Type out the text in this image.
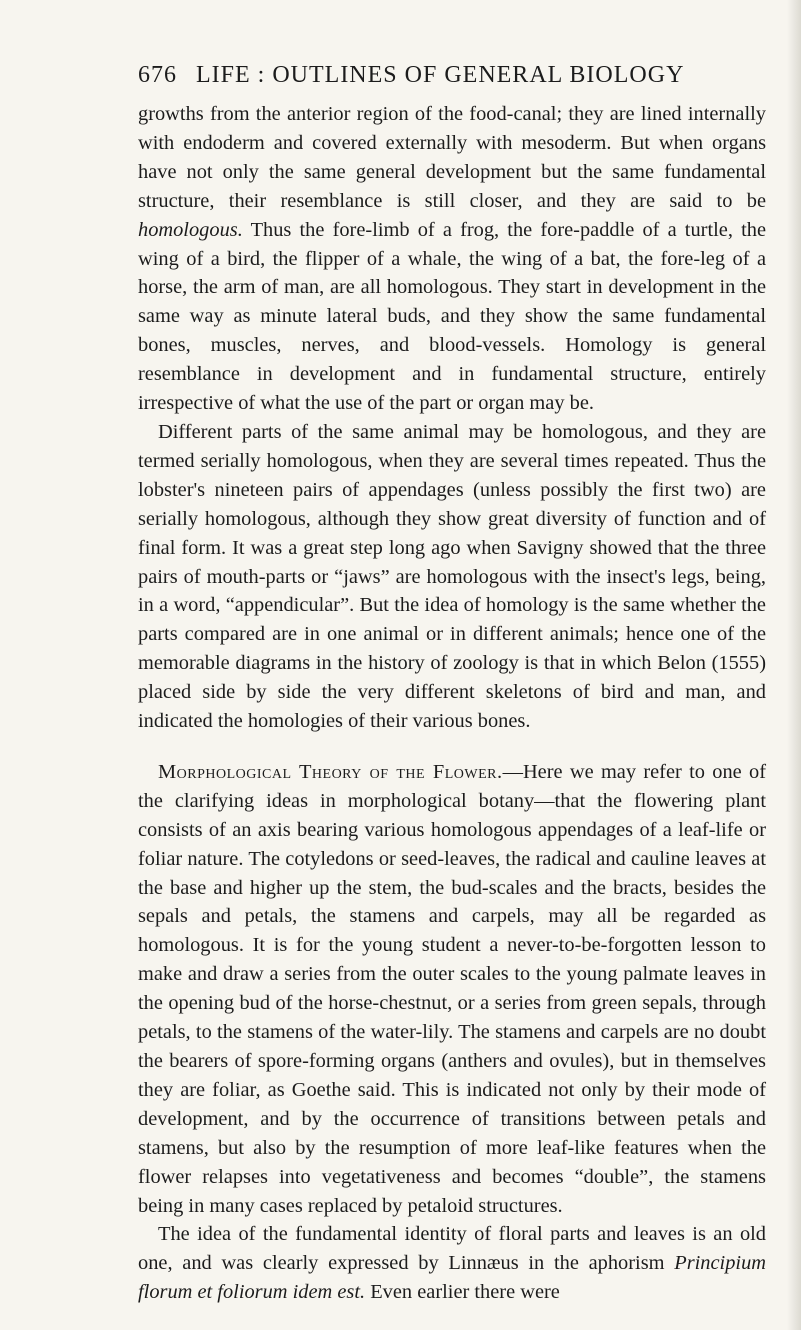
676 LIFE : OUTLINES OF GENERAL BIOLOGY

growths from the anterior region of the food-canal; they are lined internally with endoderm and covered externally with mesoderm. But when organs have not only the same general development but the same fundamental structure, their resemblance is still closer, and they are said to be homologous. Thus the fore-limb of a frog, the fore-paddle of a turtle, the wing of a bird, the flipper of a whale, the wing of a bat, the fore-leg of a horse, the arm of man, are all homologous. They start in development in the same way as minute lateral buds, and they show the same fundamental bones, muscles, nerves, and blood-vessels. Homology is general resemblance in development and in fundamental structure, entirely irrespective of what the use of the part or organ may be.

Different parts of the same animal may be homologous, and they are termed serially homologous, when they are several times repeated. Thus the lobster's nineteen pairs of appendages (unless possibly the first two) are serially homologous, although they show great diversity of function and of final form. It was a great step long ago when Savigny showed that the three pairs of mouth-parts or “jaws” are homologous with the insect's legs, being, in a word, “appendicular”. But the idea of homology is the same whether the parts compared are in one animal or in different animals; hence one of the memorable diagrams in the history of zoology is that in which Belon (1555) placed side by side the very different skeletons of bird and man, and indicated the homologies of their various bones.

Morphological Theory of the Flower.—Here we may refer to one of the clarifying ideas in morphological botany—that the flowering plant consists of an axis bearing various homologous appendages of a leaf-life or foliar nature. The cotyledons or seed-leaves, the radical and cauline leaves at the base and higher up the stem, the bud-scales and the bracts, besides the sepals and petals, the stamens and carpels, may all be regarded as homologous. It is for the young student a never-to-be-forgotten lesson to make and draw a series from the outer scales to the young palmate leaves in the opening bud of the horse-chestnut, or a series from green sepals, through petals, to the stamens of the water-lily. The stamens and carpels are no doubt the bearers of spore-forming organs (anthers and ovules), but in themselves they are foliar, as Goethe said. This is indicated not only by their mode of development, and by the occurrence of transitions between petals and stamens, but also by the resumption of more leaf-like features when the flower relapses into vegetativeness and becomes “double”, the stamens being in many cases replaced by petaloid structures.

The idea of the fundamental identity of floral parts and leaves is an old one, and was clearly expressed by Linnæus in the aphorism Principium florum et foliorum idem est. Even earlier there were
